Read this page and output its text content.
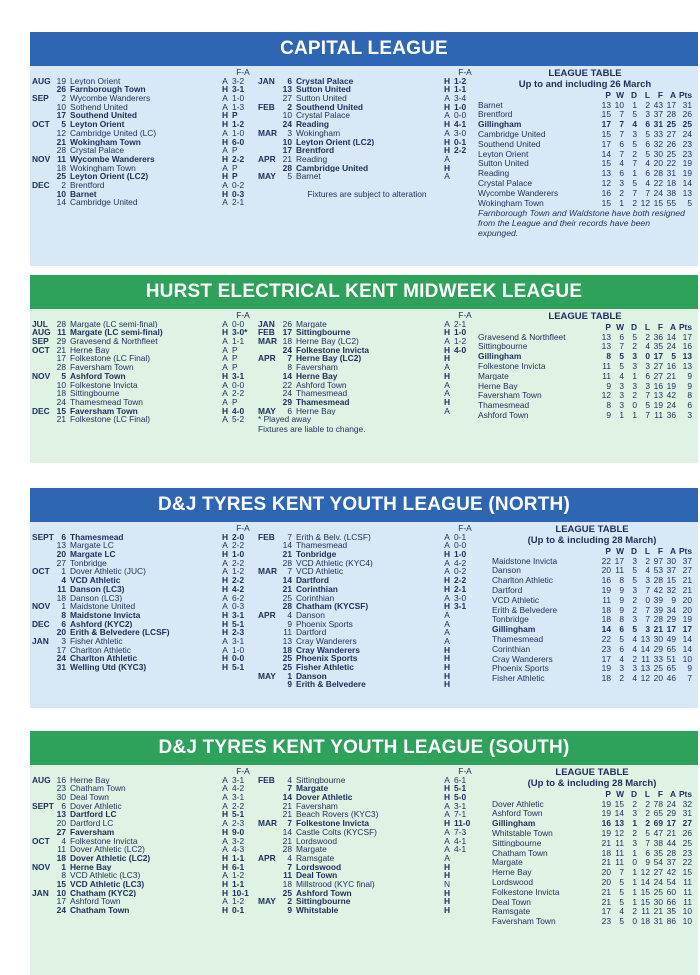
CAPITAL LEAGUE
F-A
AUG 19 Leyton Orient	A 3-2
26 Farnborough Town	H 3-1
SEP	2 Wycombe Wanderers	A 1-0
10 Sothend United	A 1-3
17 Southend United	H P
OCT	5 Leyton Orient	H 1-2
12 Cambridge United (LC)	A 1-0
21 Wokingham Town	H 6-0
28 Crystal Palace	A P
NOV 11 Wycombe Wanderers	H 2-2
18 Wokingham Town	A P
25 Leyton Orient (LC2)	H P
DEC	2 Brentford	A 0-2
10 Barnet	H 0-3
14 Cambridge United	A 2-1
F-A
JAN	6 Crystal Palace	H 1-2
13 Sutton United	H 1-1
27 Sutton United	A 3-4
FEB	2 Southend United	H 1-0
10 Crystal Palace	A 0-0
24 Reading	H 4-1
MAR	3 Wokingham	A 3-0
10 Leyton Orient (LC2)	H 0-1
17 Brentford	H 2-2
APR 21 Reading	A
28 Cambridge United	H
MAY	5 Barnet	A
Fixtures are subject to alteration
LEAGUE TABLE
Up to and including 26 March
P W D L F A Pts
Barnet	13 10 1 2 43 17 31
Brentford	15 7 5 3 37 28 26
Gillingham	17 7 4 6 31 25 25
Cambridge United	15 7 3 5 33 27 24
Southend United	17 6 5 6 32 26 23
Leyton Orient	14 7 2 5 30 25 23
Sutton United	15 4 7 4 20 22 19
Reading	13 6 1 6 28 31 19
Crystal Palace	12 3 5 4 22 18 14
Wycombe Wanderers	16 2 7 7 24 38 13
Wokingham Town	15 1 2 12 15 55	5
Farnborough Town and Waldstone have both resigned from the League and their records have been expunged.
HURST ELECTRICAL KENT MIDWEEK LEAGUE
F-A
JUL	28 Margate (LC semi-final)	A 0-0
AUG 11 Margate (LC semi-final)	H 3-0*
SEP 29 Gravesend & Northfleet	A 1-1
OCT 21 Herne Bay	A P
17 Folkestone (LC Final)	A P
28 Faversham Town	A P
NOV	5 Ashford Town	H 3-1
10 Folkestone Invicta	A 0-0
18 Sittingbourne	A 2-2
24 Thamesmead Town	A P
DEC 15 Faversham Town	H 4-0
21 Folkestone (LC Final)	A 5-2
F-A
JAN 26 Margate	A 2-1
FEB 17 Sittingbourne	H 1-0
MAR 18 Herne Bay (LC2)	A 1-2
24 Folkestone Invicta	H 4-0
APR	7 Herne Bay (LC2)	H
8 Faversham	A
14 Herne Bay	H
22 Ashford Town	A
24 Thamesmead	A
29 Thamesmead	H
MAY	6 Herne Bay	A
* Played away
Fixtures are liable to change.
LEAGUE TABLE
P W D L F A Pts
Gravesend & Northfleet	13 6 5 2 36 14 17
Sittingbourne	13 7 2 4 35 24 16
Gillingham	8 5 3 0 17 5 13
Folkestone Invicta	11 5 3 3 27 16 13
Margate	11 4 1 6 27 21	9
Herne Bay	9 3 3 3 16 19	9
Faversham Town	12 3 2 7 13 42	8
Thamesmead	8 3 0 5 19 24	6
Ashford Town	9 1 1 7 11 36	3
D&J TYRES KENT YOUTH LEAGUE (NORTH)
F-A
SEPT 6 Thamesmead	H 2-0
13 Margate LC	A 2-2
20 Margate LC	H 1-0
27 Tonbridge	A 2-2
OCT	1 Dover Athletic (JUC)	A 1-2
4 VCD Athletic	H 2-2
11 Danson (LC3)	H 4-2
18 Danson (LC3)	A 6-2
NOV	1 Maidstone United	A 0-3
8 Maidstone Invicta	H 3-1
DEC	6 Ashford (KYC2)	H 5-1
20 Erith & Belvedere (LCSF)	H 2-3
JAN	3 Fisher Athletic	A 3-1
17 Charlton Athletic	A 1-0
24 Charlton Athletic	H 0-0
31 Welling Utd (KYC3)	H 5-1
F-A
FEB	7 Erith & Belv. (LCSF)	A 0-1
14 Thamesmead	A 0-0
21 Tonbridge	H 1-0
28 VCD Athletic (KYC4)	A 4-2
MAR	7 VCD Athletic	A 0-2
14 Dartford	H 2-2
21 Corinthian	H 2-1
25 Corinthian	A 3-0
28 Chatham (KYCSF)	H 3-1
APR	4 Danson	A
9 Phoenix Sports	A
11 Dartford	A
13 Cray Wanderers	A
18 Cray Wanderers	H
25 Phoenix Sports	H
25 Fisher Athletic	H
MAY	1 Danson	H
9 Erith & Belvedere	H
LEAGUE TABLE
(Up to & including 28 March)
P W D L F A Pts
Maidstone Invicta	22 17 3 2 97 30 37
Danson	20 11 5 4 53 37 27
Charlton Athletic	16 8 5 3 28 15 21
Dartford	19 9 3 7 42 32 21
VCD Athletic	11 9 2 0 39 9 20
Erith & Belvedere	18 9 2 7 39 34 20
Tonbridge	18 8 3 7 28 29 19
Gillingham	14 6 5 3 21 17 17
Thamesmead	22 5 4 13 30 49 14
Corinthian	23 6 4 14 29 65 14
Cray Wanderers	17 4 2 11 33 51 10
Phoenix Sports	19 3 3 13 25 65	9
Fisher Athletic	18 2 4 12 20 46	7
D&J TYRES KENT YOUTH LEAGUE (SOUTH)
F-A
AUG 16 Herne Bay	A 3-1
23 Chatham Town	A 4-2
30 Deal Town	A 3-1
SEPT 6 Dover Athletic	A 2-2
13 Dartford LC	H 5-1
20 Dartford LC	A 2-3
27 Faversham	H 9-0
OCT	4 Folkestone Invicta	A 3-2
11 Dover Athletic (LC2)	A 4-3
18 Dover Athletic (LC2)	H 1-1
NOV	1 Herne Bay	H 6-1
8 VCD Athletic (LC3)	A 1-2
15 VCD Athletic (LC3)	H 1-1
JAN 10 Chatham (KYC2)	H 10-1
17 Ashford Town	A 1-2
24 Chatham Town	H 0-1
F-A
FEB	4 Sittingbourne	A 6-1
7 Margate	H 5-1
14 Dover Athletic	H 5-0
21 Faversham	A 3-1
21 Beach Rovers (KYC3)	A 7-1
MAR	7 Folkestone Invicta	H 11-0
14 Castle Colts (KYCSF)	A 7-3
21 Lordswood	A 4-1
28 Margate	A 4-1
APR	4 Ramsgate	A
7 Lordswood	H
11 Deal Town	H
18 Millstrood (KYC final)	N
25 Ashford Town	H
MAY	2 Sittingbourne	H
9 Whitstable	H
LEAGUE TABLE
(Up to & including 28 March)
P W D L F A Pts
Dover Athletic	19 15 2 2 78 24 32
Ashford Town	19 14 3 2 65 29 31
Gillingham	16 13 1 2 69 17 27
Whitstable Town	19 12 2 5 47 21 26
Sittingbourne	21 11 3 7 38 44 25
Chatham Town	18 11 1 6 35 28 23
Margate	21 11 0 9 54 37 22
Herne Bay	20 7 1 12 27 42 15
Lordswood	20 5 1 14 24 54 11
Folkestone Invicta	21 5 1 15 25 60 11
Deal Town	21 5 1 15 30 66 11
Ramsgate	17 4 2 11 21 35 10
Faversham Town	23 5 0 18 31 86 10
